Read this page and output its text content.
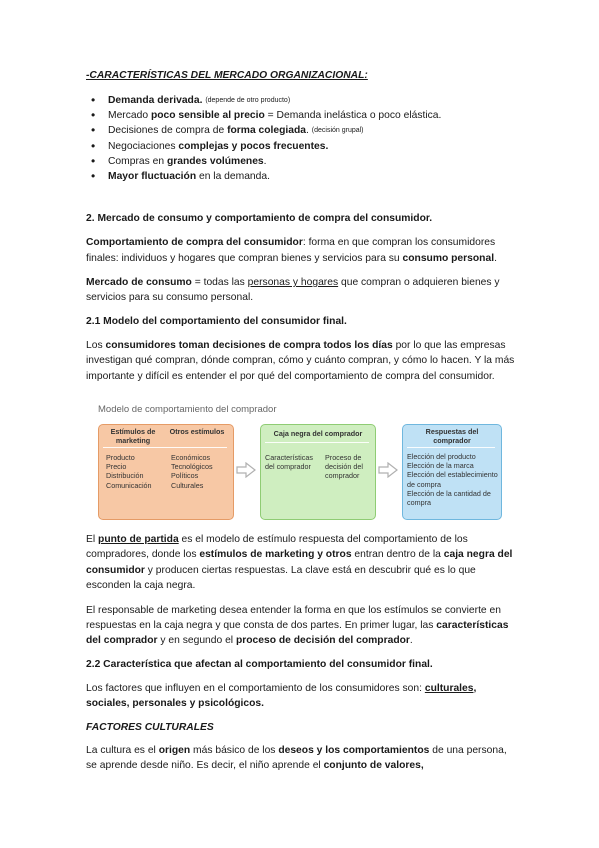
-CARACTERÍSTICAS DEL MERCADO ORGANIZACIONAL:

• Demanda derivada. (depende de otro producto)
• Mercado poco sensible al precio = Demanda inelástica o poco elástica.
• Decisiones de compra de forma colegiada. (decisión grupal)
• Negociaciones complejas y pocos frecuentes.
• Compras en grandes volúmenes.
• Mayor fluctuación en la demanda.

2. Mercado de consumo y comportamiento de compra del consumidor.

Comportamiento de compra del consumidor: forma en que compran los consumidores finales: individuos y hogares que compran bienes y servicios para su consumo personal.

Mercado de consumo = todas las personas y hogares que compran o adquieren bienes y servicios para su consumo personal.

2.1 Modelo del comportamiento del consumidor final.

Los consumidores toman decisiones de compra todos los días por lo que las empresas investigan qué compran, dónde compran, cómo y cuánto compran, y cómo lo hacen. Y la más importante y difícil es entender el por qué del comportamiento de compra del consumidor.

Modelo de comportamiento del comprador
Estímulos de marketing
Otros estímulos
Producto
Precio
Distribución
Comunicación
Económicos
Tecnológicos
Políticos
Culturales
Caja negra del comprador
Características del comprador
Proceso de decisión del comprador
Respuestas del comprador
Elección del producto
Elección de la marca
Elección del establecimiento de compra
Elección de la cantidad de compra

El punto de partida es el modelo de estímulo respuesta del comportamiento de los compradores, donde los estímulos de marketing y otros entran dentro de la caja negra del consumidor y producen ciertas respuestas. La clave está en descubrir qué es lo que esconden la caja negra.

El responsable de marketing desea entender la forma en que los estímulos se convierte en respuestas en la caja negra y que consta de dos partes. En primer lugar, las características del comprador y en segundo el proceso de decisión del comprador.

2.2 Característica que afectan al comportamiento del consumidor final.

Los factores que influyen en el comportamiento de los consumidores son: culturales, sociales, personales y psicológicos.

FACTORES CULTURALES

La cultura es el origen más básico de los deseos y los comportamientos de una persona, se aprende desde niño. Es decir, el niño aprende el conjunto de valores,
